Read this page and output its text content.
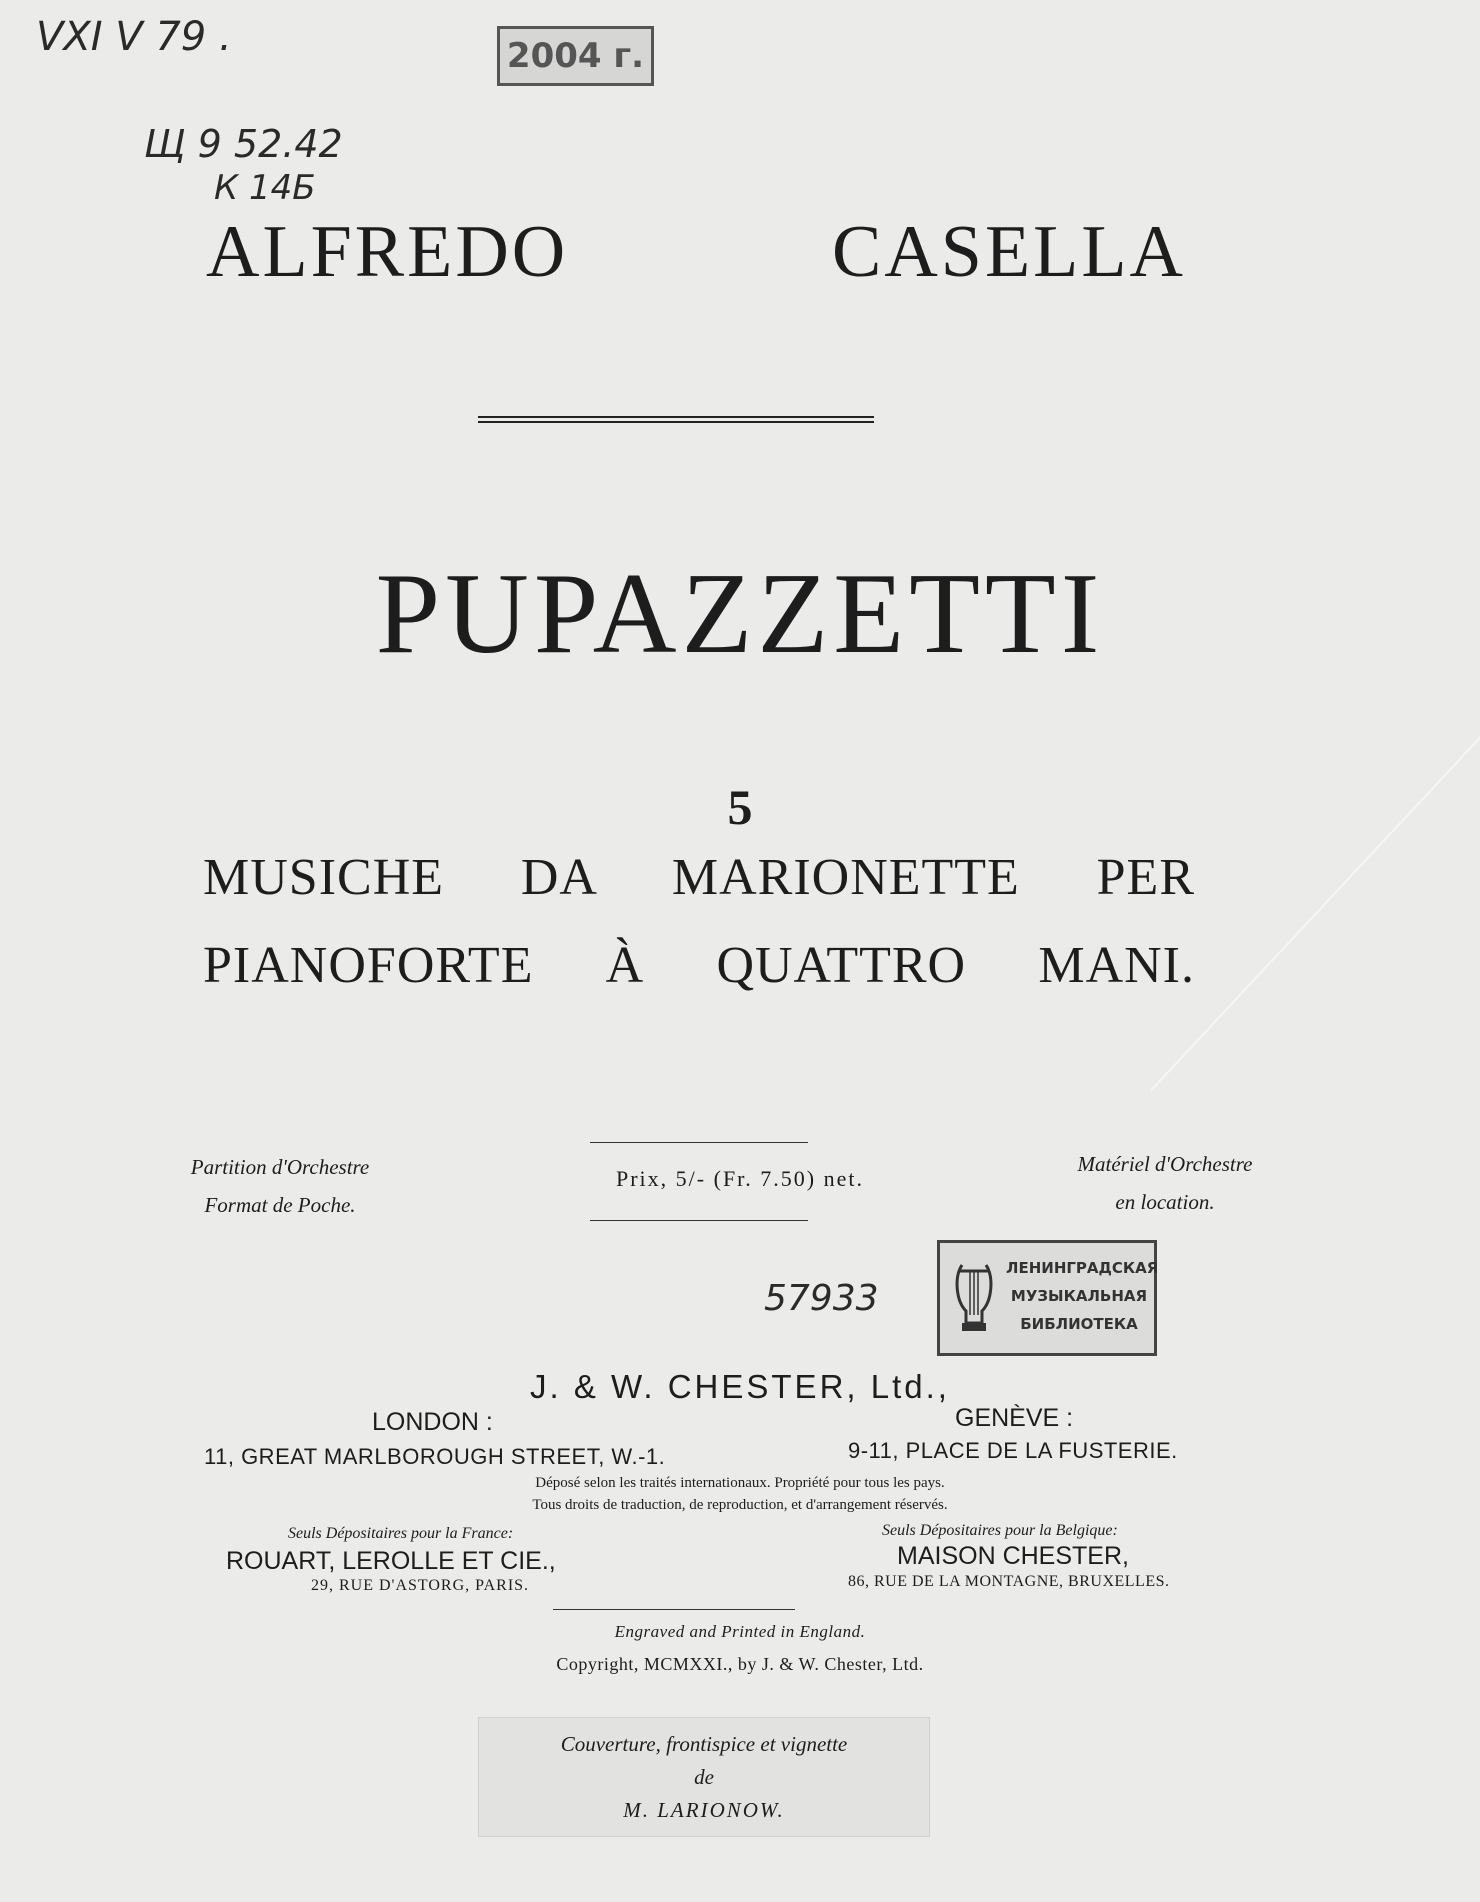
VXI V 79 .	2004 г.
Щ 9 52.42
К 14Б
ALFREDO CASELLA
PUPAZZETTI
5
MUSICHE DA MARIONETTE PER
PIANOFORTE À QUATTRO MANI.
Partition d'Orchestre
Format de Poche.
Prix, 5/- (Fr. 7.50) net.
Matériel d'Orchestre
en location.
57933
ЛЕНИНГРАДСКАЯ
МУЗЫКАЛЬНАЯ
БИБЛИОТЕКА
J. & W. CHESTER, Ltd.,
LONDON :	GENÈVE :
11, GREAT MARLBOROUGH STREET, W.-1.	9-11, PLACE DE LA FUSTERIE.
Déposé selon les traités internationaux. Propriété pour tous les pays.
Tous droits de traduction, de reproduction, et d'arrangement réservés.
Seuls Dépositaires pour la France:	Seuls Dépositaires pour la Belgique:
ROUART, LEROLLE ET CIE.,	MAISON CHESTER,
29, RUE D'ASTORG, PARIS.	86, RUE DE LA MONTAGNE, BRUXELLES.
Engraved and Printed in England.
Copyright, MCMXXI., by J. & W. Chester, Ltd.
Couverture, frontispice et vignette
de
M. LARIONOW.
